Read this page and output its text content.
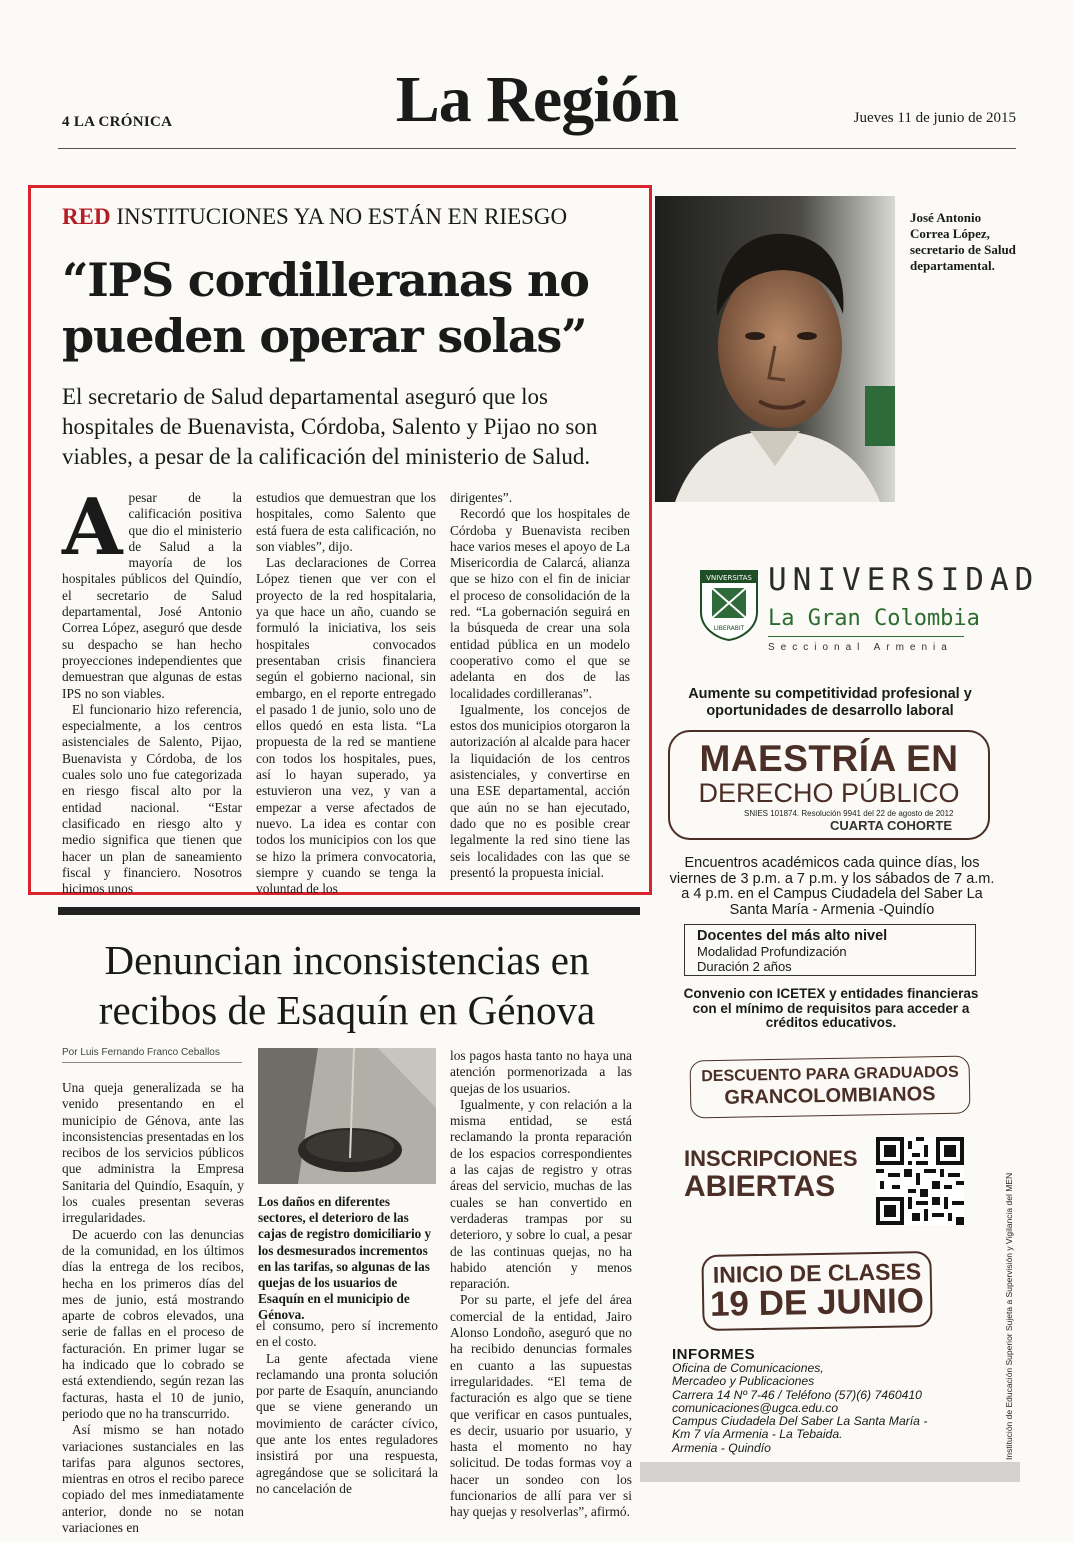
4 LA CRÓNICA	La Región	Jueves 11 de junio de 2015
RED INSTITUCIONES YA NO ESTÁN EN RIESGO
“IPS cordilleranas no pueden operar solas”
El secretario de Salud departamental aseguró que los hospitales de Buenavista, Córdoba, Salento y Pijao no son viables, a pesar de la calificación del ministerio de Salud.
A pesar de la calificación positiva que dio el ministerio de Salud a la mayoría de los hospitales públicos del Quindío, el secretario de Salud departamental, José Antonio Correa López, aseguró que desde su despacho se han hecho proyecciones independientes que demuestran que algunas de estas IPS no son viables.

El funcionario hizo referencia, especialmente, a los centros asistenciales de Salento, Pijao, Buenavista y Córdoba, de los cuales solo uno fue categorizada en riesgo fiscal alto por la entidad nacional. “Estar clasificado en riesgo alto y medio significa que tienen que hacer un plan de saneamiento fiscal y financiero. Nosotros hicimos unos

estudios que demuestran que los hospitales, como Salento que está fuera de esta calificación, no son viables”, dijo.

Las declaraciones de Correa López tienen que ver con el proyecto de la red hospitalaria, ya que hace un año, cuando se formuló la iniciativa, los seis hospitales convocados presentaban crisis financiera según el gobierno nacional, sin embargo, en el reporte entregado el pasado 1 de junio, solo uno de ellos quedó en esta lista. “La propuesta de la red se mantiene con todos los hospitales, pues, así lo hayan superado, ya estuvieron una vez, y van a empezar a verse afectados de nuevo. La idea es contar con todos los municipios con los que se hizo la primera convocatoria, siempre y cuando se tenga la voluntad de los

dirigentes”.

Recordó que los hospitales de Córdoba y Buenavista reciben hace varios meses el apoyo de La Misericordia de Calarcá, alianza que se hizo con el fin de iniciar el proceso de consolidación de la red. “La gobernación seguirá en la búsqueda de crear una sola entidad pública en un modelo cooperativo como el que se adelanta en dos de las localidades cordilleranas”.

Igualmente, los concejos de estos dos municipios otorgaron la autorización al alcalde para hacer la liquidación de los centros asistenciales, y convertirse en una ESE departamental, acción que aún no se han ejecutado, dado que no es posible crear legalmente la red sino tiene las seis localidades con las que se presentó la propuesta inicial.

José Antonio Correa López, secretario de Salud departamental.
Denuncian inconsistencias en recibos de Esaquín en Génova
Por Luis Fernando Franco Ceballos

Una queja generalizada se ha venido presentando en el municipio de Génova, ante las inconsistencias presentadas en los recibos de los servicios públicos que administra la Empresa Sanitaria del Quindío, Esaquín, y los cuales presentan severas irregularidades.

De acuerdo con las denuncias de la comunidad, en los últimos días la entrega de los recibos, hecha en los primeros días del mes de junio, está mostrando aparte de cobros elevados, una serie de fallas en el proceso de facturación. En primer lugar se ha indicado que lo cobrado se está extendiendo, según rezan las facturas, hasta el 10 de junio, periodo que no ha transcurrido.

Así mismo se han notado variaciones sustanciales en las tarifas para algunos sectores, mientras en otros el recibo parece copiado del mes inmediatamente anterior, donde no se notan variaciones en

Los daños en diferentes sectores, el deterioro de las cajas de registro domiciliario y los desmesurados incrementos en las tarifas, so algunas de las quejas de los usuarios de Esaquín en el municipio de Génova.

el consumo, pero sí incremento en el costo.

La gente afectada viene reclamando una pronta solución por parte de Esaquín, anunciando que se viene generando un movimiento de carácter cívico, que ante los entes reguladores insistirá por una respuesta, agregándose que se solicitará la no cancelación de

los pagos hasta tanto no haya una atención pormenorizada a las quejas de los usuarios.

Igualmente, y con relación a la misma entidad, se está reclamando la pronta reparación de los espacios correspondientes a las cajas de registro y otras áreas del servicio, muchas de las cuales se han convertido en verdaderas trampas por su deterioro, y sobre lo cual, a pesar de las continuas quejas, no ha habido atención y menos reparación.

Por su parte, el jefe del área comercial de la entidad, Jairo Alonso Londoño, aseguró que no ha recibido denuncias formales en cuanto a las supuestas irregularidades. “El tema de facturación es algo que se tiene que verificar en casos puntuales, es decir, usuario por usuario, y hasta el momento no hay solicitud. De todas formas voy a hacer un sondeo con los funcionarios de allí para ver si hay quejas y resolverlas”, afirmó.

VNIVERSITAS
LIBERABIT
UNIVERSIDAD
La Gran Colombia
Seccional Armenia
Aumente su competitividad profesional y oportunidades de desarrollo laboral
MAESTRÍA EN
DERECHO PÚBLICO
SNIES 101874. Resolución 9941 del 22 de agosto de 2012
CUARTA COHORTE
Encuentros académicos cada quince días, los viernes de 3 p.m. a 7 p.m. y los sábados de 7 a.m. a 4 p.m. en el Campus Ciudadela del Saber La Santa María - Armenia -Quindío
Docentes del más alto nivel
Modalidad Profundización
Duración 2 años
Convenio con ICETEX y entidades financieras con el mínimo de requisitos para acceder a créditos educativos.
DESCUENTO PARA GRADUADOS
GRANCOLOMBIANOS
INSCRIPCIONES
ABIERTAS
INICIO DE CLASES
19 DE JUNIO
INFORMES
Oficina de Comunicaciones,
Mercadeo y Publicaciones
Carrera 14 Nº 7-46 / Teléfono (57)(6) 7460410
comunicaciones@ugca.edu.co
Campus Ciudadela Del Saber La Santa María -
Km 7 vía Armenia - La Tebaida.
Armenia - Quindío	Institución de Educación Superior Sujeta a Supervisión y Vigilancia del MEN
